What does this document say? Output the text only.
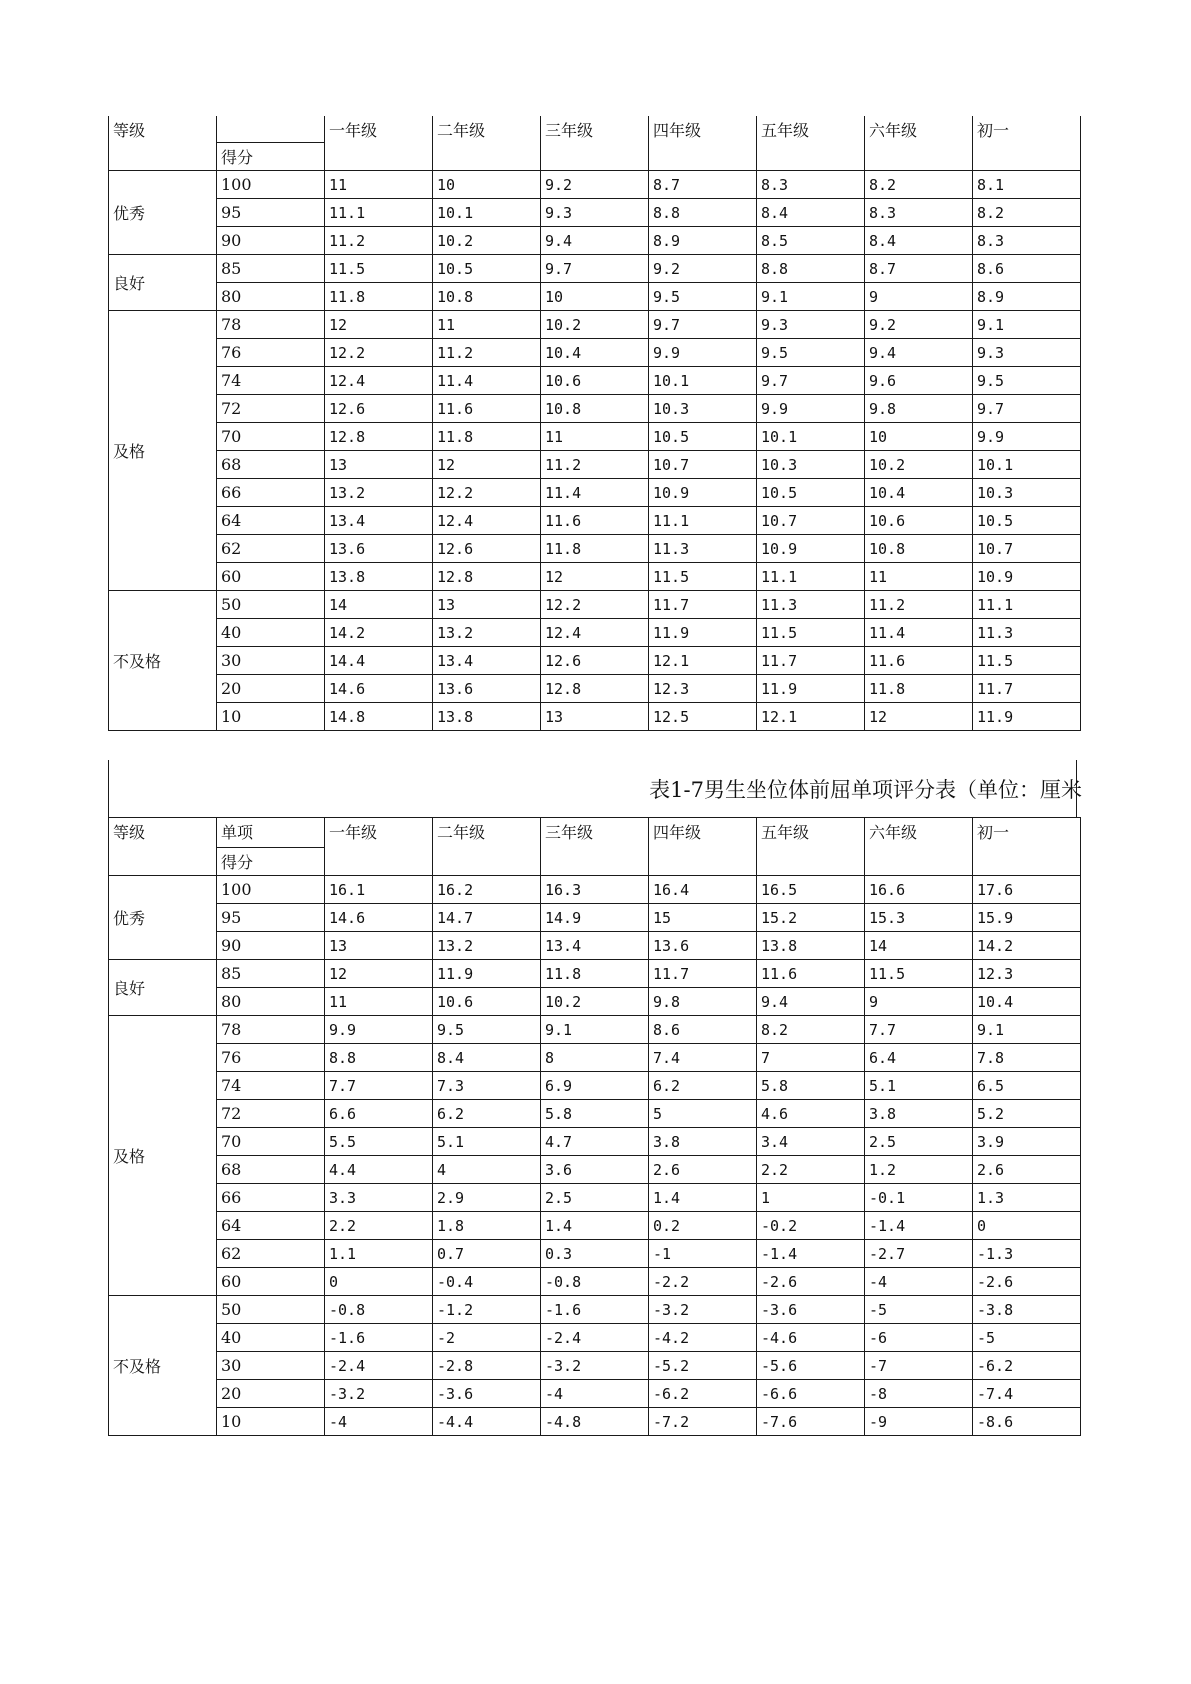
等级		一年级	二年级	三年级	四年级	五年级	六年级	初一
	得分							
优秀	100	11	10	9.2	8.7	8.3	8.2	8.1
	95	11.1	10.1	9.3	8.8	8.4	8.3	8.2
	90	11.2	10.2	9.4	8.9	8.5	8.4	8.3
良好	85	11.5	10.5	9.7	9.2	8.8	8.7	8.6
	80	11.8	10.8	10	9.5	9.1	9	8.9
及格	78	12	11	10.2	9.7	9.3	9.2	9.1
	76	12.2	11.2	10.4	9.9	9.5	9.4	9.3
	74	12.4	11.4	10.6	10.1	9.7	9.6	9.5
	72	12.6	11.6	10.8	10.3	9.9	9.8	9.7
	70	12.8	11.8	11	10.5	10.1	10	9.9
	68	13	12	11.2	10.7	10.3	10.2	10.1
	66	13.2	12.2	11.4	10.9	10.5	10.4	10.3
	64	13.4	12.4	11.6	11.1	10.7	10.6	10.5
	62	13.6	12.6	11.8	11.3	10.9	10.8	10.7
	60	13.8	12.8	12	11.5	11.1	11	10.9
不及格	50	14	13	12.2	11.7	11.3	11.2	11.1
	40	14.2	13.2	12.4	11.9	11.5	11.4	11.3
	30	14.4	13.4	12.6	12.1	11.7	11.6	11.5
	20	14.6	13.6	12.8	12.3	11.9	11.8	11.7
	10	14.8	13.8	13	12.5	12.1	12	11.9
表1-7男生坐位体前屈单项评分表（单位：厘米
等级	单项	一年级	二年级	三年级	四年级	五年级	六年级	初一
	得分							
优秀	100	16.1	16.2	16.3	16.4	16.5	16.6	17.6
	95	14.6	14.7	14.9	15	15.2	15.3	15.9
	90	13	13.2	13.4	13.6	13.8	14	14.2
良好	85	12	11.9	11.8	11.7	11.6	11.5	12.3
	80	11	10.6	10.2	9.8	9.4	9	10.4
及格	78	9.9	9.5	9.1	8.6	8.2	7.7	9.1
	76	8.8	8.4	8	7.4	7	6.4	7.8
	74	7.7	7.3	6.9	6.2	5.8	5.1	6.5
	72	6.6	6.2	5.8	5	4.6	3.8	5.2
	70	5.5	5.1	4.7	3.8	3.4	2.5	3.9
	68	4.4	4	3.6	2.6	2.2	1.2	2.6
	66	3.3	2.9	2.5	1.4	1	-0.1	1.3
	64	2.2	1.8	1.4	0.2	-0.2	-1.4	0
	62	1.1	0.7	0.3	-1	-1.4	-2.7	-1.3
	60	0	-0.4	-0.8	-2.2	-2.6	-4	-2.6
不及格	50	-0.8	-1.2	-1.6	-3.2	-3.6	-5	-3.8
	40	-1.6	-2	-2.4	-4.2	-4.6	-6	-5
	30	-2.4	-2.8	-3.2	-5.2	-5.6	-7	-6.2
	20	-3.2	-3.6	-4	-6.2	-6.6	-8	-7.4
	10	-4	-4.4	-4.8	-7.2	-7.6	-9	-8.6
